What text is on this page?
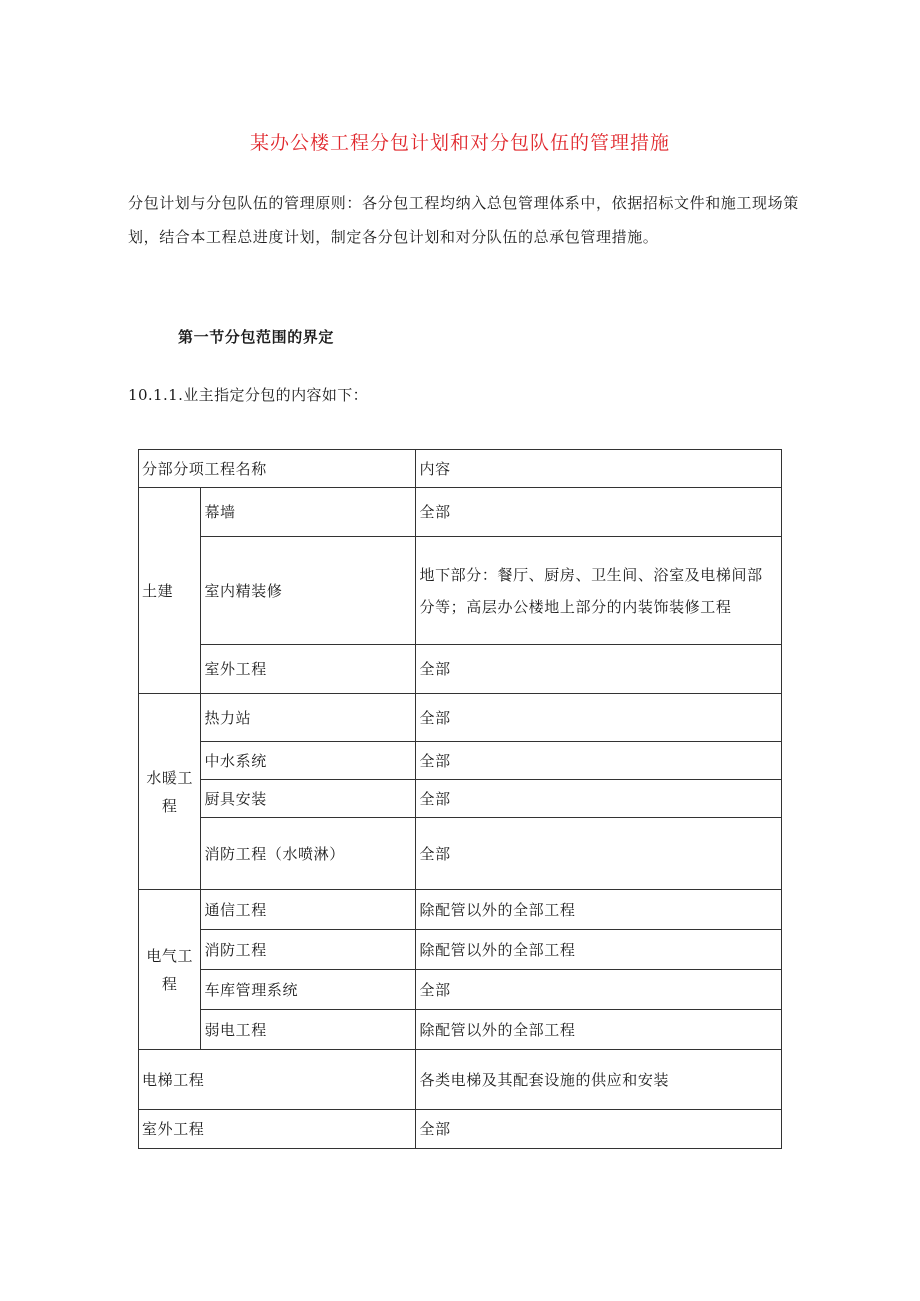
某办公楼工程分包计划和对分包队伍的管理措施
分包计划与分包队伍的管理原则：各分包工程均纳入总包管理体系中，依据招标文件和施工现场策划，结合本工程总进度计划，制定各分包计划和对分队伍的总承包管理措施。
第一节分包范围的界定
10.1.1.业主指定分包的内容如下：
分部分项工程名称		内容
土建	幕墙	全部
	室内精装修	地下部分：餐厅、厨房、卫生间、浴室及电梯间部分等；高层办公楼地上部分的内装饰装修工程
	室外工程	全部
水暖工程	热力站	全部
	中水系统	全部
	厨具安装	全部
	消防工程（水喷淋）	全部
电气工程	通信工程	除配管以外的全部工程
	消防工程	除配管以外的全部工程
	车库管理系统	全部
	弱电工程	除配管以外的全部工程
电梯工程		各类电梯及其配套设施的供应和安装
室外工程		全部
